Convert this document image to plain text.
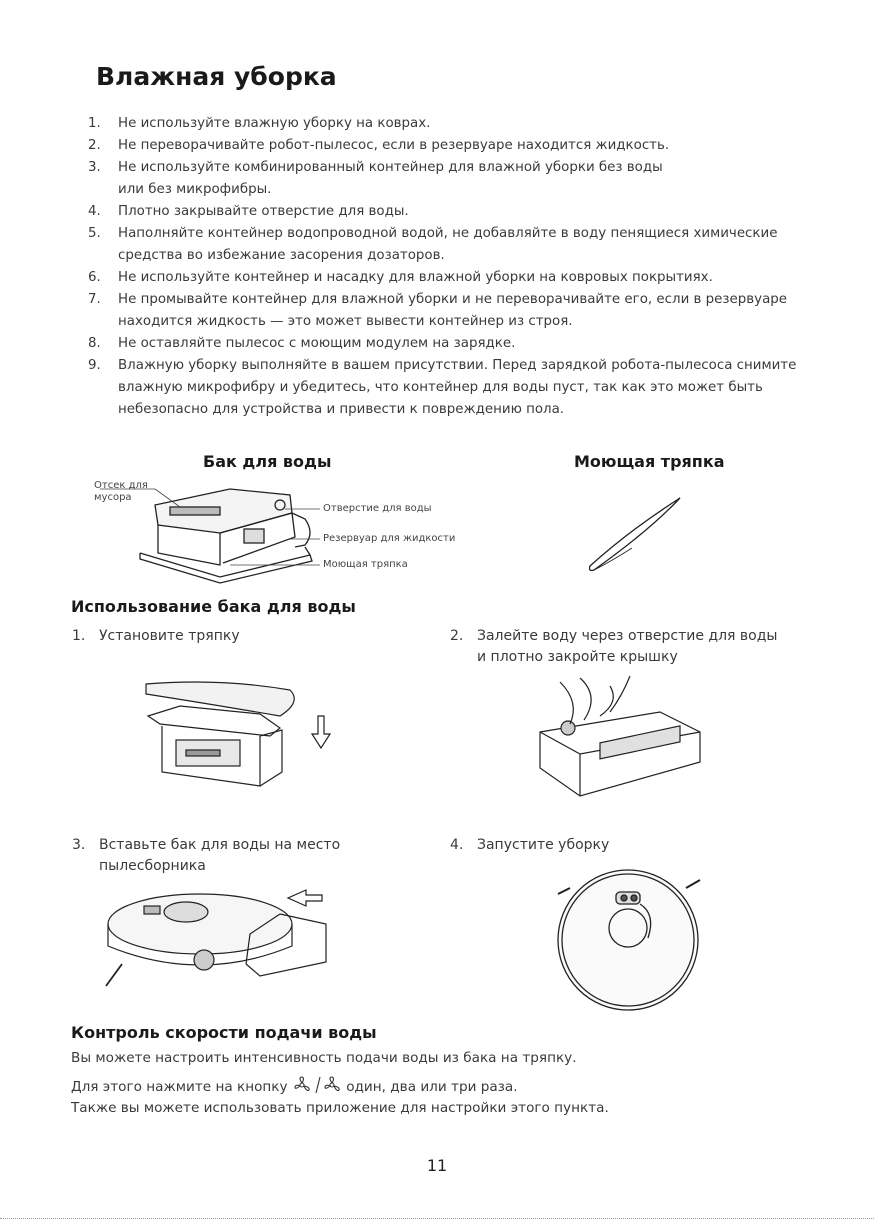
Влажная уборка
1. Не используйте влажную уборку на коврах.
2. Не переворачивайте робот-пылесос, если в резервуаре находится жидкость.
3. Не используйте комбинированный контейнер для влажной уборки без воды или без микрофибры.
4. Плотно закрывайте отверстие для воды.
5. Наполняйте контейнер водопроводной водой, не добавляйте в воду пенящиеся химические средства во избежание засорения дозаторов.
6. Не используйте контейнер и насадку для влажной уборки на ковровых покрытиях.
7. Не промывайте контейнер для влажной уборки и не переворачивайте его, если в резервуаре находится жидкость — это может вывести контейнер из строя.
8. Не оставляйте пылесос с моющим модулем на зарядке.
9. Влажную уборку выполняйте в вашем присутствии. Перед зарядкой робота-пылесоса снимите влажную микрофибру и убедитесь, что контейнер для воды пуст, так как это может быть небезопасно для устройства и привести к повреждению пола.
Бак для воды	Моющая тряпка
Отсек для
мусора
Отверстие для воды
Резервуар для жидкости
Моющая тряпка
Использование бака для воды
1. Установите тряпку	2. Залейте воду через отверстие для воды
и плотно закройте крышку
3. Вставьте бак для воды на место
пылесборника
4. Запустите уборку
Контроль скорости подачи воды
Вы можете настроить интенсивность подачи воды из бака на тряпку.
Для этого нажмите на кнопку	один, два или три раза.
Также вы можете использовать приложение для настройки этого пункта.
11
